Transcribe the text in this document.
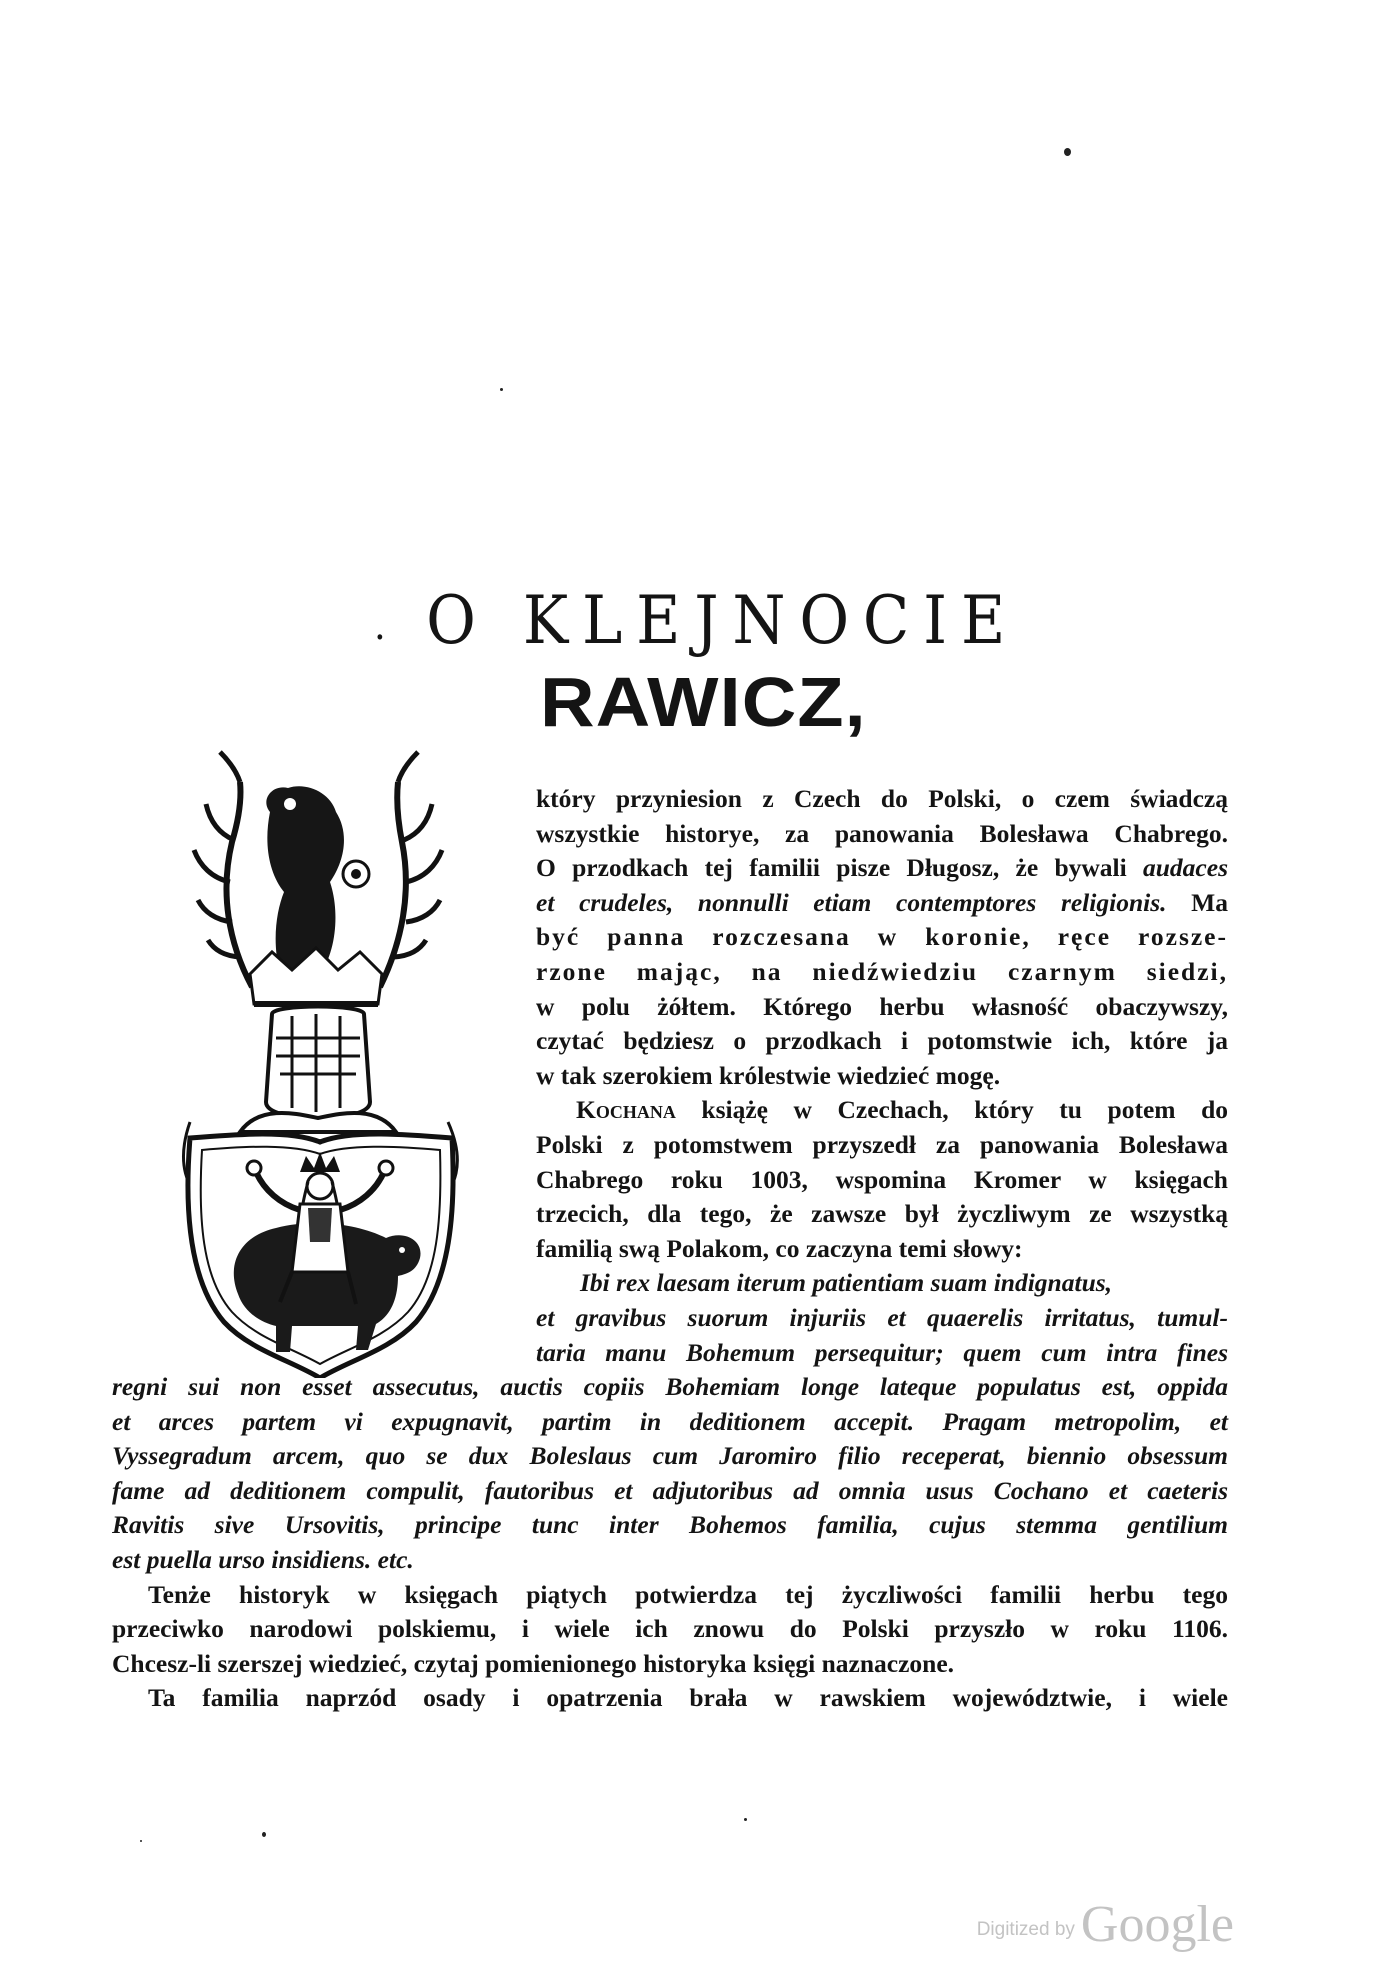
. O KLEJNOCIE
RAWICZ,
który przyniesion z Czech do Polski, o czem świadczą
wszystkie historye, za panowania Bolesława Chabrego.
O przodkach tej familii pisze Długosz, że bywali audaces
et crudeles, nonnulli etiam contemptores religionis. Ma
być panna rozczesana w koronie, ręce rozsze-
rzone mając, na niedźwiedziu czarnym siedzi,
w polu żółtem. Którego herbu własność obaczywszy,
czytać będziesz o przodkach i potomstwie ich, które ja
w tak szerokiem królestwie wiedzieć mogę.
Kochana książę w Czechach, który tu potem do
Polski z potomstwem przyszedł za panowania Bolesława
Chabrego roku 1003, wspomina Kromer w księgach
trzecich, dla tego, że zawsze był życzliwym ze wszystką
familią swą Polakom, co zaczyna temi słowy:
Ibi rex laesam iterum patientiam suam indignatus,
et gravibus suorum injuriis et quaerelis irritatus, tumul-
taria manu Bohemum persequitur; quem cum intra fines
regni sui non esset assecutus, auctis copiis Bohemiam longe lateque populatus est, oppida
et arces partem vi expugnavit, partim in deditionem accepit. Pragam metropolim, et
Vyssegradum arcem, quo se dux Boleslaus cum Jaromiro filio receperat, biennio obsessum
fame ad deditionem compulit, fautoribus et adjutoribus ad omnia usus Cochano et caeteris
Ravitis sive Ursovitis, principe tunc inter Bohemos familia, cujus stemma gentilium
est puella urso insidiens. etc.
Tenże historyk w księgach piątych potwierdza tej życzliwości familii herbu tego
przeciwko narodowi polskiemu, i wiele ich znowu do Polski przyszło w roku 1106.
Chcesz-li szerszej wiedzieć, czytaj pomienionego historyka księgi naznaczone.
Ta familia naprzód osady i opatrzenia brała w rawskiem województwie, i wiele
Digitized by Google
